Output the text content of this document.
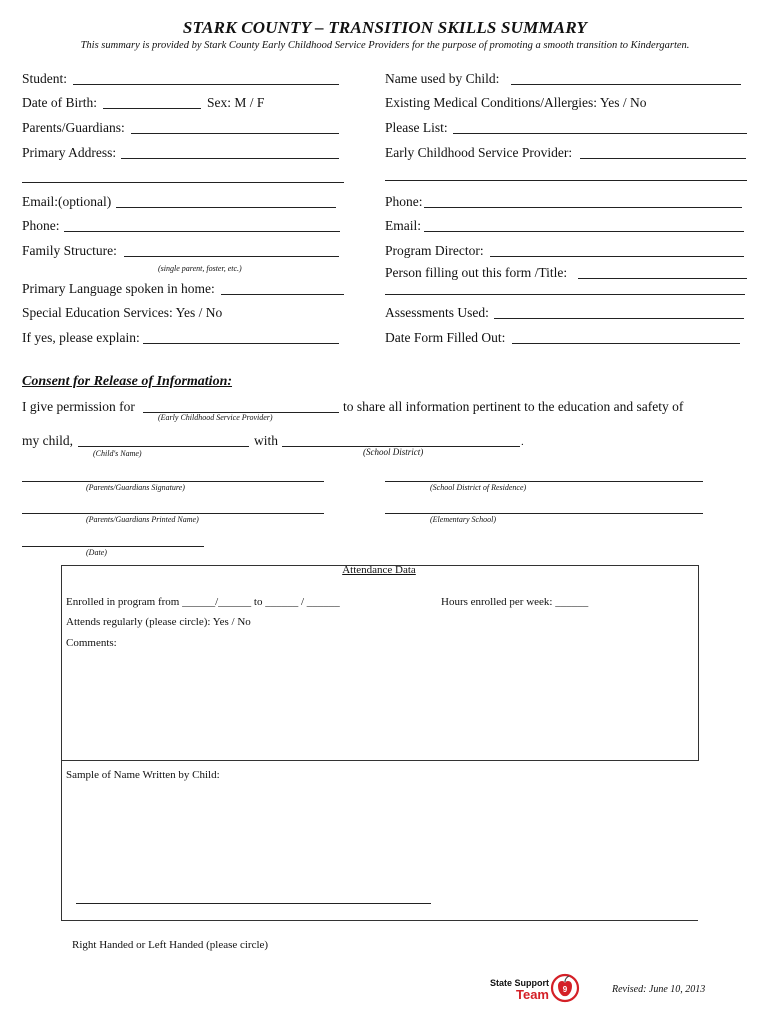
STARK COUNTY – TRANSITION SKILLS SUMMARY
This summary is provided by Stark County Early Childhood Service Providers for the purpose of promoting a smooth transition to Kindergarten.
Student:
Date of Birth:	Sex: M / F
Parents/Guardians:
Primary Address:
Email:(optional)
Phone:
Family Structure:
(single parent, foster, etc.)
Primary Language spoken in home:
Special Education Services: Yes / No
If yes, please explain:
Name used by Child:
Existing Medical Conditions/Allergies: Yes / No
Please List:
Early Childhood Service Provider:
Phone:
Email:
Program Director:
Person filling out this form /Title:
Assessments Used:
Date Form Filled Out:
Consent for Release of Information:
I give permission for
(Early Childhood Service Provider)
to share all information pertinent to the education and safety of
my child,
(Child's Name)
with	.
(School District)
(Parents/Guardians Signature)	(School District of Residence)
(Parents/Guardians Printed Name)	(Elementary School)
(Date)
Attendance Data
Enrolled in program from ______/______ to ______ / ______	Hours enrolled per week: ______
Attends regularly (please circle): Yes / No
Comments:
Sample of Name Written by Child:
Right Handed or Left Handed (please circle)
State Support
Team 9	Revised: June 10, 2013
